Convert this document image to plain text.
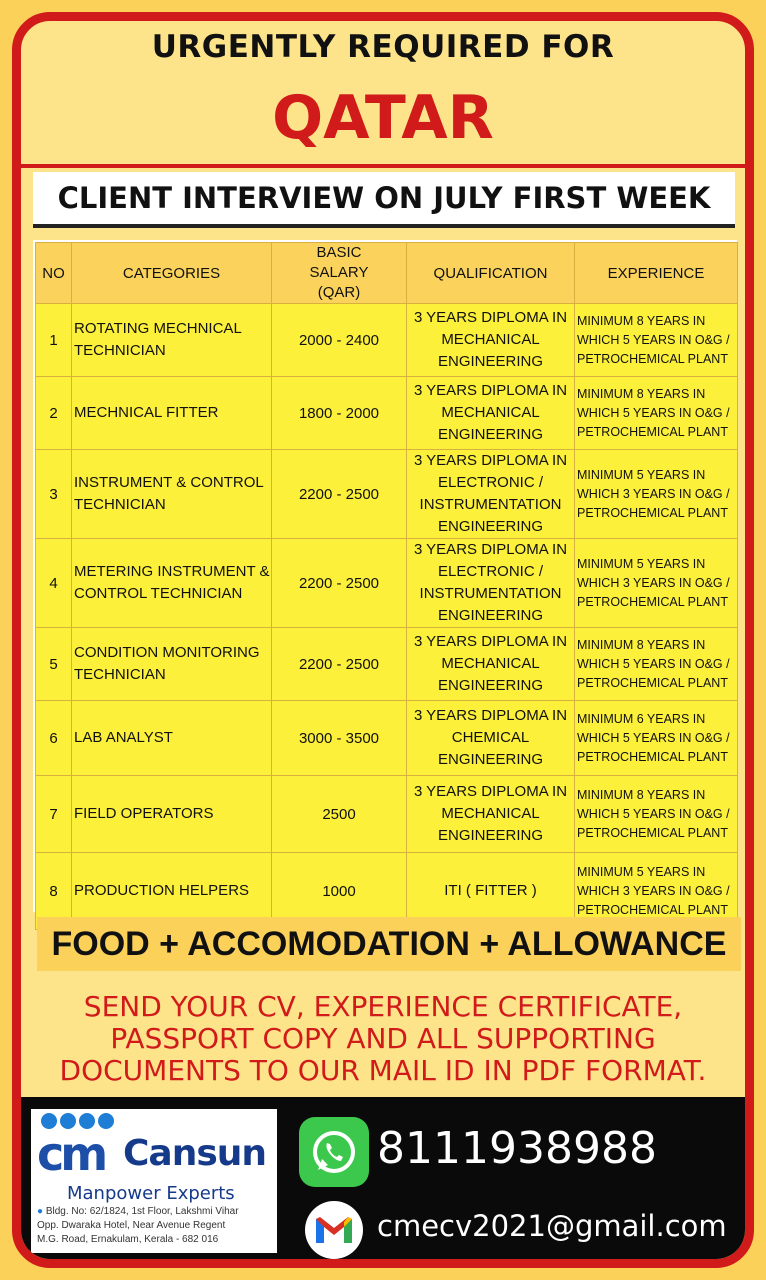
URGENTLY REQUIRED FOR
QATAR
CLIENT INTERVIEW ON JULY FIRST WEEK
NO	CATEGORIES	BASIC SALARY (QAR)	QUALIFICATION	EXPERIENCE
1	ROTATING MECHNICAL TECHNICIAN	2000 - 2400	3 YEARS DIPLOMA IN MECHANICAL ENGINEERING	MINIMUM 8 YEARS IN WHICH 5 YEARS IN O&G / PETROCHEMICAL PLANT
2	MECHNICAL FITTER	1800 - 2000	3 YEARS DIPLOMA IN MECHANICAL ENGINEERING	MINIMUM 8 YEARS IN WHICH 5 YEARS IN O&G / PETROCHEMICAL PLANT
3	INSTRUMENT & CONTROL TECHNICIAN	2200 - 2500	3 YEARS DIPLOMA IN ELECTRONIC / INSTRUMENTATION ENGINEERING	MINIMUM 5 YEARS IN WHICH 3 YEARS IN O&G / PETROCHEMICAL PLANT
4	METERING INSTRUMENT & CONTROL TECHNICIAN	2200 - 2500	3 YEARS DIPLOMA IN ELECTRONIC / INSTRUMENTATION ENGINEERING	MINIMUM 5 YEARS IN WHICH 3 YEARS IN O&G / PETROCHEMICAL PLANT
5	CONDITION MONITORING TECHNICIAN	2200 - 2500	3 YEARS DIPLOMA IN MECHANICAL ENGINEERING	MINIMUM 8 YEARS IN WHICH 5 YEARS IN O&G / PETROCHEMICAL PLANT
6	LAB ANALYST	3000 - 3500	3 YEARS DIPLOMA IN CHEMICAL ENGINEERING	MINIMUM 6 YEARS IN WHICH 5 YEARS IN O&G / PETROCHEMICAL PLANT
7	FIELD OPERATORS	2500	3 YEARS DIPLOMA IN MECHANICAL ENGINEERING	MINIMUM 8 YEARS IN WHICH 5 YEARS IN O&G / PETROCHEMICAL PLANT
8	PRODUCTION HELPERS	1000	ITI ( FITTER )	MINIMUM 5 YEARS IN WHICH 3 YEARS IN O&G / PETROCHEMICAL PLANT
FOOD + ACCOMODATION + ALLOWANCE
SEND YOUR CV, EXPERIENCE CERTIFICATE,
PASSPORT COPY AND ALL SUPPORTING
DOCUMENTS TO OUR MAIL ID IN PDF FORMAT.
cm Cansun
Manpower Experts
● Bldg. No: 62/1824, 1st Floor, Lakshmi Vihar
Opp. Dwaraka Hotel, Near Avenue Regent
M.G. Road, Ernakulam, Kerala - 682 016
8111938988
cmecv2021@gmail.com
